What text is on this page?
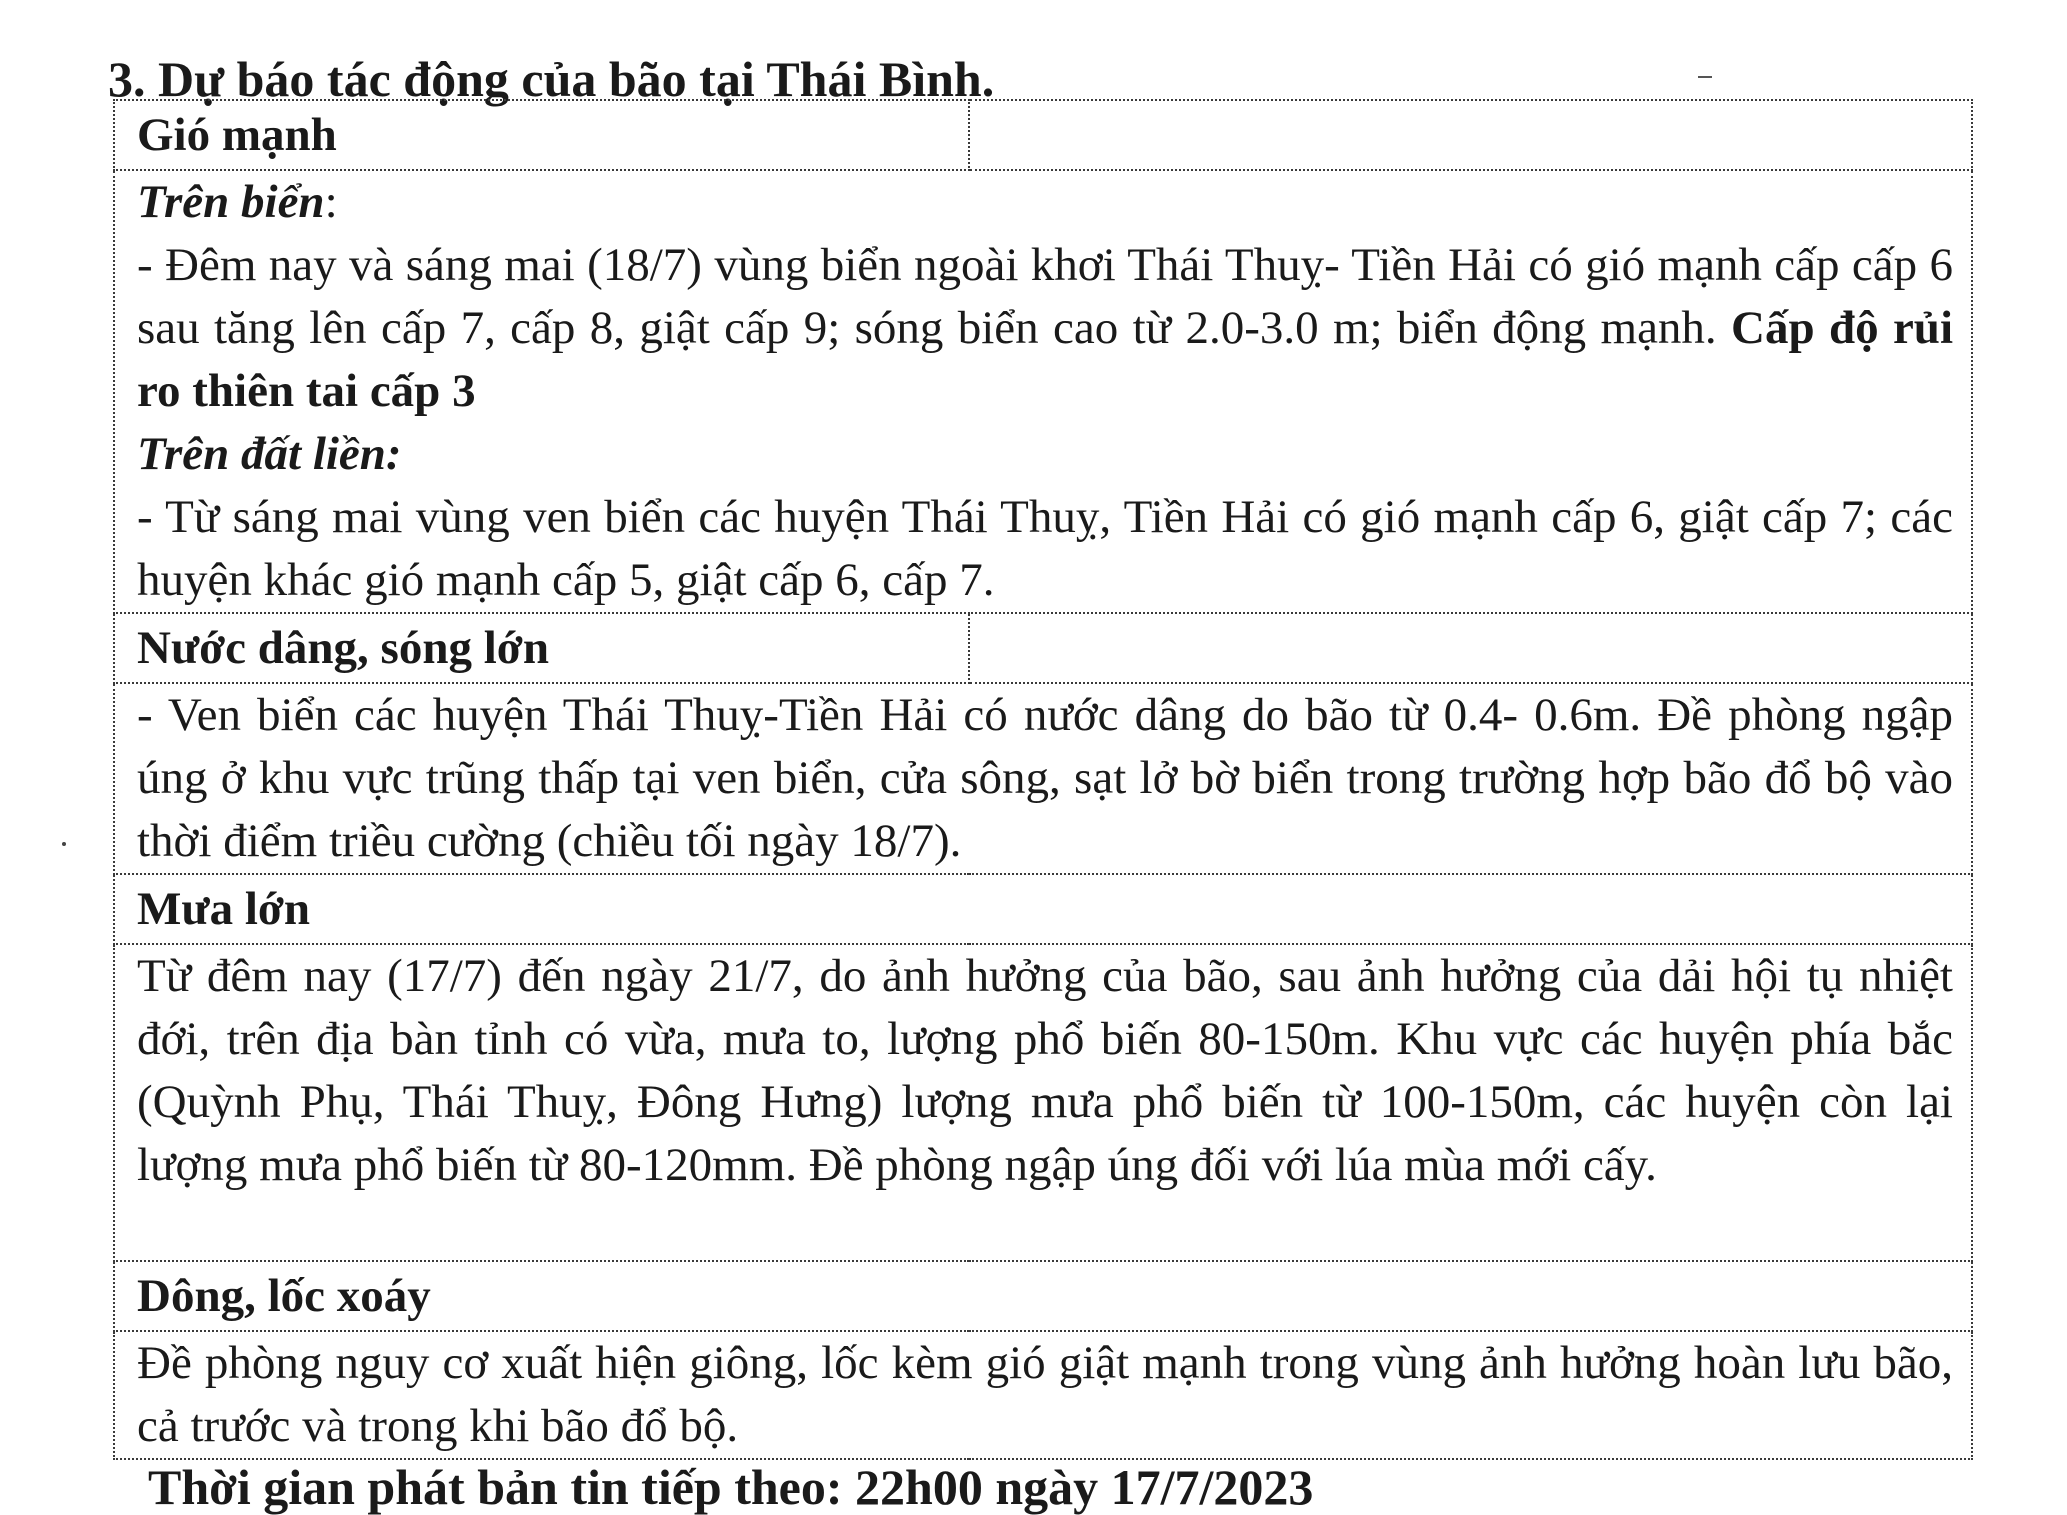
3. Dự báo tác động của bão tại Thái Bình.
Gió mạnh	

Trên biển:
- Đêm nay và sáng mai (18/7) vùng biển ngoài khơi Thái Thuỵ- Tiền Hải có gió mạnh cấp cấp 6 sau tăng lên cấp 7, cấp 8, giật cấp 9; sóng biển cao từ 2.0-3.0 m; biển động mạnh. Cấp độ rủi ro thiên tai cấp 3
Trên đất liền:
- Từ sáng mai vùng ven biển các huyện Thái Thuỵ, Tiền Hải có gió mạnh cấp 6, giật cấp 7; các huyện khác gió mạnh cấp 5, giật cấp 6, cấp 7.	

Nước dâng, sóng lớn	

- Ven biển các huyện Thái Thuỵ-Tiền Hải có nước dâng do bão từ 0.4- 0.6m. Đề phòng ngập úng ở khu vực trũng thấp tại ven biển, cửa sông, sạt lở bờ biển trong trường hợp bão đổ bộ vào thời điểm triều cường (chiều tối ngày 18/7).	

Mưa lớn	

Từ đêm nay (17/7) đến ngày 21/7, do ảnh hưởng của bão, sau ảnh hưởng của dải hội tụ nhiệt đới, trên địa bàn tỉnh có vừa, mưa to, lượng phổ biến 80-150m. Khu vực các huyện phía bắc (Quỳnh Phụ, Thái Thuỵ, Đông Hưng) lượng mưa phổ biến từ 100-150m, các huyện còn lại lượng mưa phổ biến từ 80-120mm. Đề phòng ngập úng đối với lúa mùa mới cấy.	

Dông, lốc xoáy	

Đề phòng nguy cơ xuất hiện giông, lốc kèm gió giật mạnh trong vùng ảnh hưởng hoàn lưu bão, cả trước và trong khi bão đổ bộ.	
Thời gian phát bản tin tiếp theo: 22h00 ngày 17/7/2023
